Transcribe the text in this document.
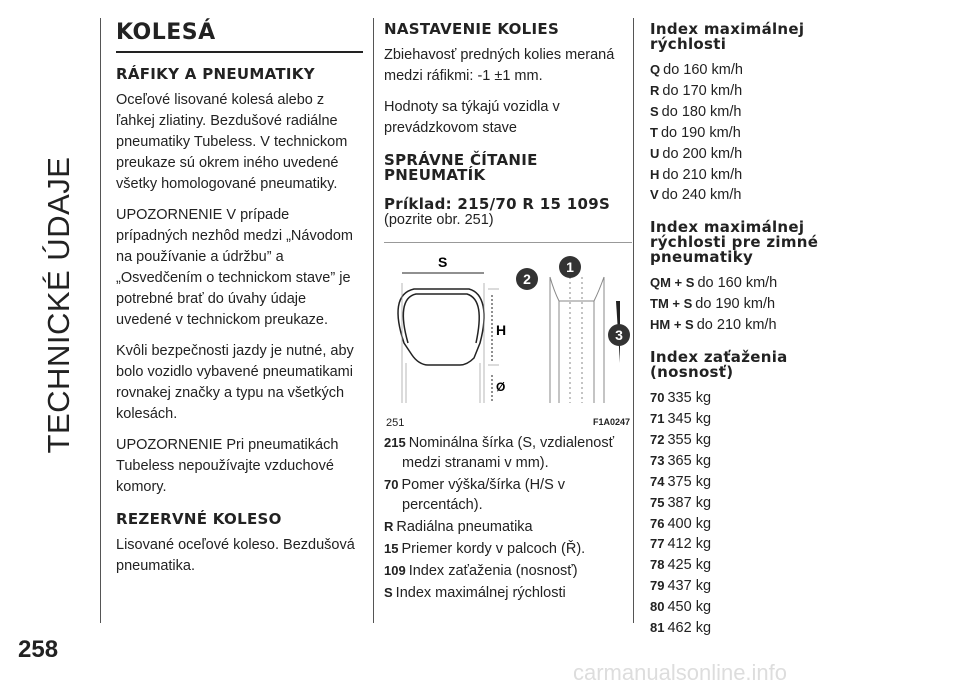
TECHNICKÉ ÚDAJE
258
KOLESÁ
RÁFIKY A PNEUMATIKY

Oceľové lisované kolesá alebo z ľahkej zliatiny. Bezdušové radiálne pneumatiky Tubeless. V technickom preukaze sú okrem iného uvedené všetky homologované pneumatiky.

UPOZORNENIE V prípade prípadných nezhôd medzi „Návodom na používanie a údržbu” a „Osvedčením o technickom stave” je potrebné brať do úvahy údaje uvedené v technickom preukaze.

Kvôli bezpečnosti jazdy je nutné, aby bolo vozidlo vybavené pneumatikami rovnakej značky a typu na všetkých kolesách.

UPOZORNENIE Pri pneumatikách Tubeless nepoužívajte vzduchové komory.

REZERVNÉ KOLESO

Lisované oceľové koleso. Bezdušová pneumatika.

NASTAVENIE KOLIES

Zbiehavosť predných kolies meraná medzi ráfikmi: -1 ±1 mm.

Hodnoty sa týkajú vozidla v prevádzkovom stave

SPRÁVNE ČÍTANIE PNEUMATÍK
Príklad: 215/70 R 15 109S (pozrite obr. 251)
S
H
Ø
1
2
3
251	F1A0247
215 Nominálna šírka (S, vzdialenosť medzi stranami v mm).
70 Pomer výška/šírka (H/S v percentách).
R Radiálna pneumatika
15 Priemer kordy v palcoch (Ř).
109 Index zaťaženia (nosnosť)
S Index maximálnej rýchlosti
Index maximálnej rýchlosti
Q do 160 km/h
R do 170 km/h
S do 180 km/h
T do 190 km/h
U do 200 km/h
H do 210 km/h
V do 240 km/h
Index maximálnej rýchlosti pre zimné pneumatiky
QM + S do 160 km/h
TM + S do 190 km/h
HM + S do 210 km/h
Index zaťaženia (nosnosť)
70 335 kg
71 345 kg
72 355 kg
73 365 kg
74 375 kg
75 387 kg
76 400 kg
77 412 kg
78 425 kg
79 437 kg
80 450 kg
81 462 kg
carmanualsonline.info
